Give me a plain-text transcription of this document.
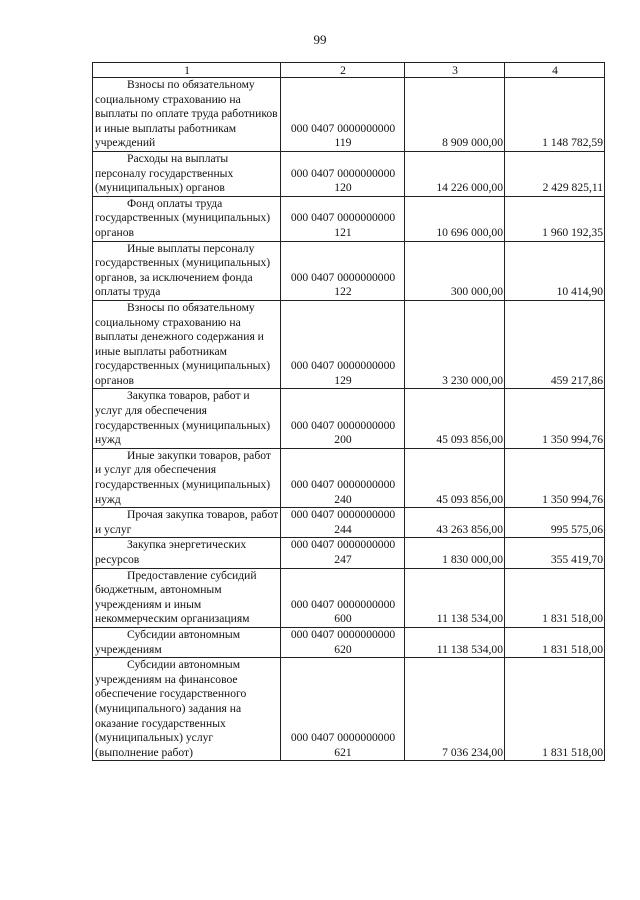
99
1	2	3	4

Взносы по обязательному социальному страхованию на выплаты по оплате труда работников и иные выплаты работникам учреждений	000 0407 0000000000
119	8 909 000,00	1 148 782,59

Расходы на выплаты персоналу государственных (муниципальных) органов	000 0407 0000000000
120	14 226 000,00	2 429 825,11

Фонд оплаты труда государственных (муниципальных) органов	000 0407 0000000000
121	10 696 000,00	1 960 192,35

Иные выплаты персоналу государственных (муниципальных) органов, за исключением фонда оплаты труда	000 0407 0000000000
122	300 000,00	10 414,90

Взносы по обязательному социальному страхованию на выплаты денежного содержания и иные выплаты работникам государственных (муниципальных) органов	000 0407 0000000000
129	3 230 000,00	459 217,86

Закупка товаров, работ и услуг для обеспечения государственных (муниципальных) нужд	000 0407 0000000000
200	45 093 856,00	1 350 994,76

Иные закупки товаров, работ и услуг для обеспечения государственных (муниципальных) нужд	000 0407 0000000000
240	45 093 856,00	1 350 994,76

Прочая закупка товаров, работ и услуг	000 0407 0000000000
244	43 263 856,00	995 575,06

Закупка энергетических ресурсов	000 0407 0000000000
247	1 830 000,00	355 419,70

Предоставление субсидий бюджетным, автономным учреждениям и иным некоммерческим организациям	000 0407 0000000000
600	11 138 534,00	1 831 518,00

Субсидии автономным учреждениям	000 0407 0000000000
620	11 138 534,00	1 831 518,00

Субсидии автономным учреждениям на финансовое обеспечение государственного (муниципального) задания на оказание государственных (муниципальных) услуг (выполнение работ)	000 0407 0000000000
621	7 036 234,00	1 831 518,00
